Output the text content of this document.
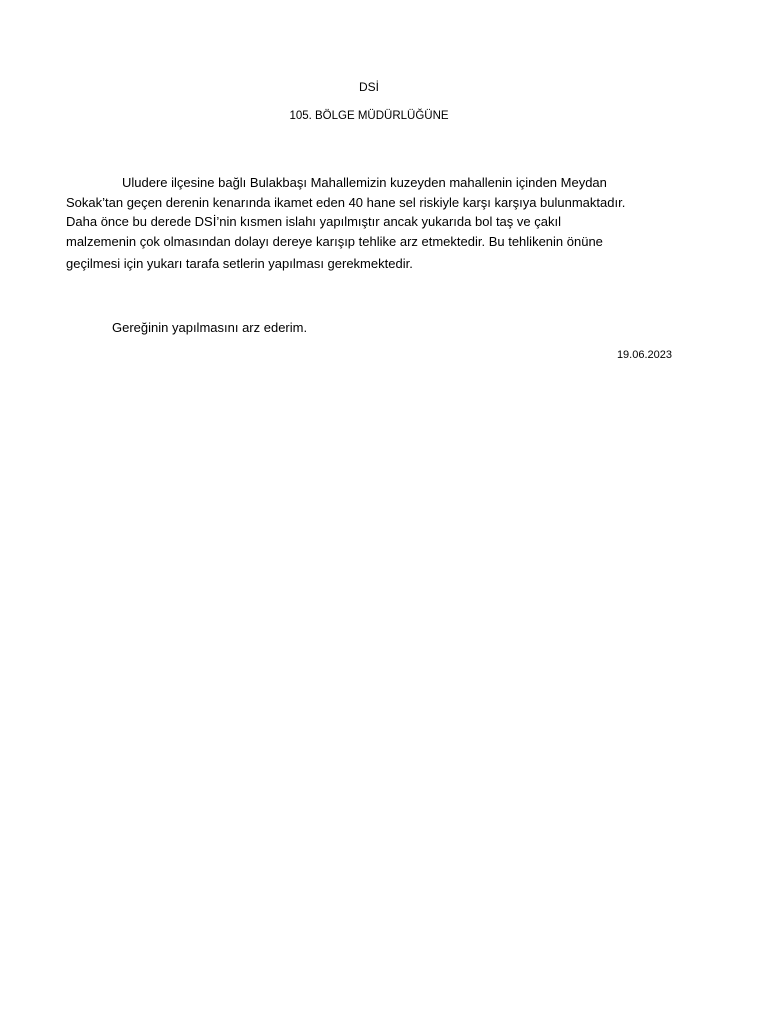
DSİ
105. BÖLGE MÜDÜRLÜĞÜNE
Uludere ilçesine bağlı Bulakbaşı Mahallemizin kuzeyden mahallenin içinden Meydan
Sokak’tan geçen derenin kenarında ikamet eden 40 hane sel riskiyle karşı karşıya bulunmaktadır.
Daha önce bu derede DSİ’nin kısmen islahı yapılmıştır ancak yukarıda bol taş ve çakıl
malzemenin çok olmasından dolayı dereye karışıp tehlike arz etmektedir. Bu tehlikenin önüne
geçilmesi için yukarı tarafa setlerin yapılması gerekmektedir.
Gereğinin yapılmasını arz ederim.
19.06.2023
